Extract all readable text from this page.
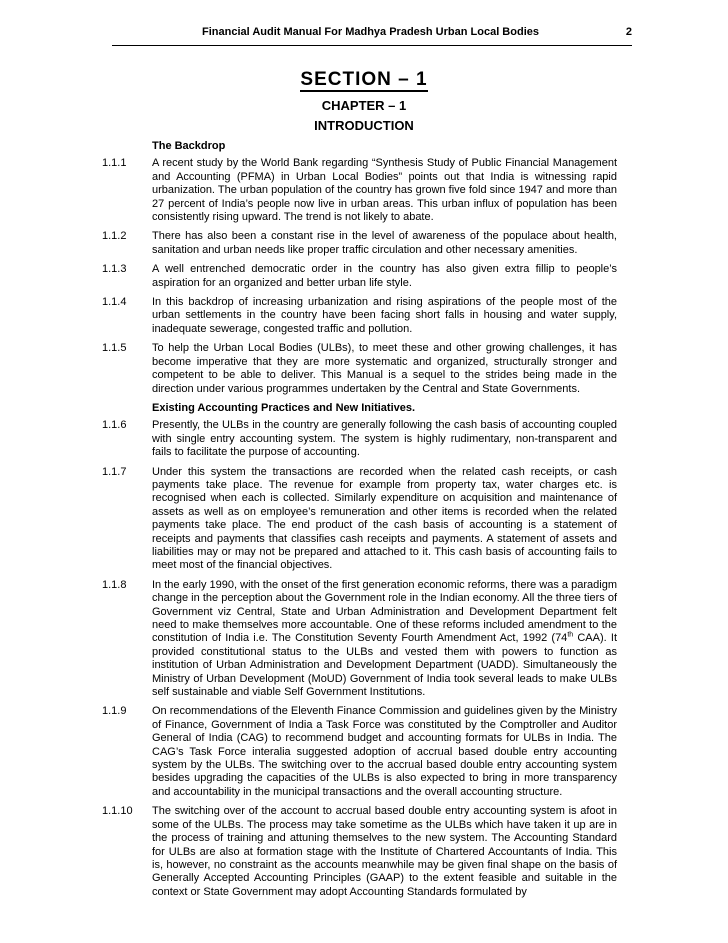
Financial Audit Manual For Madhya Pradesh Urban Local Bodies	2
SECTION – 1
CHAPTER – 1
INTRODUCTION
The Backdrop
1.1.1	A recent study by the World Bank regarding “Synthesis Study of Public Financial Management and Accounting (PFMA) in Urban Local Bodies” points out that India is witnessing rapid urbanization. The urban population of the country has grown five fold since 1947 and more than 27 percent of India’s people now live in urban areas. This urban influx of population has been consistently rising upward. The trend is not likely to abate.
1.1.2	There has also been a constant rise in the level of awareness of the populace about health, sanitation and urban needs like proper traffic circulation and other necessary amenities.
1.1.3	A well entrenched democratic order in the country has also given extra fillip to people’s aspiration for an organized and better urban life style.
1.1.4	In this backdrop of increasing urbanization and rising aspirations of the people most of the urban settlements in the country have been facing short falls in housing and water supply, inadequate sewerage, congested traffic and pollution.
1.1.5	To help the Urban Local Bodies (ULBs), to meet these and other growing challenges, it has become imperative that they are more systematic and organized, structurally stronger and competent to be able to deliver. This Manual is a sequel to the strides being made in the direction under various programmes undertaken by the Central and State Governments.
Existing Accounting Practices and New Initiatives.
1.1.6	Presently, the ULBs in the country are generally following the cash basis of accounting coupled with single entry accounting system. The system is highly rudimentary, non-transparent and fails to facilitate the purpose of accounting.
1.1.7	Under this system the transactions are recorded when the related cash receipts, or cash payments take place. The revenue for example from property tax, water charges etc. is recognised when each is collected. Similarly expenditure on acquisition and maintenance of assets as well as on employee’s remuneration and other items is recorded when the related payments take place. The end product of the cash basis of accounting is a statement of receipts and payments that classifies cash receipts and payments. A statement of assets and liabilities may or may not be prepared and attached to it. This cash basis of accounting fails to meet most of the financial objectives.
1.1.8	In the early 1990, with the onset of the first generation economic reforms, there was a paradigm change in the perception about the Government role in the Indian economy. All the three tiers of Government viz Central, State and Urban Administration and Development Department felt need to make themselves more accountable. One of these reforms included amendment to the constitution of India i.e. The Constitution Seventy Fourth Amendment Act, 1992 (74th CAA). It provided constitutional status to the ULBs and vested them with powers to function as institution of Urban Administration and Development Department (UADD). Simultaneously the Ministry of Urban Development (MoUD) Government of India took several leads to make ULBs self sustainable and viable Self Government Institutions.
1.1.9	On recommendations of the Eleventh Finance Commission and guidelines given by the Ministry of Finance, Government of India a Task Force was constituted by the Comptroller and Auditor General of India (CAG) to recommend budget and accounting formats for ULBs in India. The CAG’s Task Force interalia suggested adoption of accrual based double entry accounting system by the ULBs. The switching over to the accrual based double entry accounting system besides upgrading the capacities of the ULBs is also expected to bring in more transparency and accountability in the municipal transactions and the overall accounting structure.
1.1.10	The switching over of the account to accrual based double entry accounting system is afoot in some of the ULBs. The process may take sometime as the ULBs which have taken it up are in the process of training and attuning themselves to the new system. The Accounting Standard for ULBs are also at formation stage with the Institute of Chartered Accountants of India. This is, however, no constraint as the accounts meanwhile may be given final shape on the basis of Generally Accepted Accounting Principles (GAAP) to the extent feasible and suitable in the context or State Government may adopt Accounting Standards formulated by
